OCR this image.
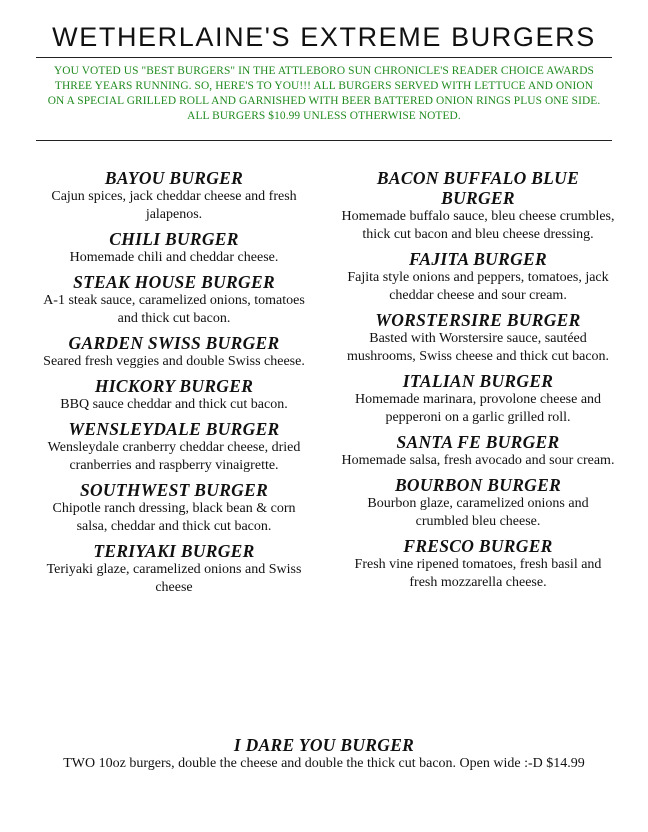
WETHERLAINE'S EXTREME BURGERS
YOU VOTED US "BEST BURGERS" IN THE ATTLEBORO SUN CHRONICLE'S READER CHOICE AWARDS THREE YEARS RUNNING. SO, HERE'S TO YOU!!! ALL BURGERS SERVED WITH LETTUCE AND ONION ON A SPECIAL GRILLED ROLL AND GARNISHED WITH BEER BATTERED ONION RINGS PLUS ONE SIDE. ALL BURGERS $10.99 UNLESS OTHERWISE NOTED.
BAYOU BURGER
Cajun spices, jack cheddar cheese and fresh jalapenos.
CHILI BURGER
Homemade chili and cheddar cheese.
STEAK HOUSE BURGER
A-1 steak sauce, caramelized onions, tomatoes and thick cut bacon.
GARDEN SWISS BURGER
Seared fresh veggies and double Swiss cheese.
HICKORY BURGER
BBQ sauce cheddar and thick cut bacon.
WENSLEYDALE BURGER
Wensleydale cranberry cheddar cheese, dried cranberries and raspberry vinaigrette.
SOUTHWEST BURGER
Chipotle ranch dressing, black bean & corn salsa, cheddar and thick cut bacon.
TERIYAKI BURGER
Teriyaki glaze, caramelized onions and Swiss cheese
BACON BUFFALO BLUE BURGER
Homemade buffalo sauce, bleu cheese crumbles, thick cut bacon and bleu cheese dressing.
FAJITA BURGER
Fajita style onions and peppers, tomatoes, jack cheddar cheese and sour cream.
WORSTERSIRE BURGER
Basted with Worstersire sauce, sautéed mushrooms, Swiss cheese and thick cut bacon.
ITALIAN BURGER
Homemade marinara, provolone cheese and pepperoni on a garlic grilled roll.
SANTA FE BURGER
Homemade salsa, fresh avocado and sour cream.
BOURBON BURGER
Bourbon glaze, caramelized onions and crumbled bleu cheese.
FRESCO BURGER
Fresh vine ripened tomatoes, fresh basil and fresh mozzarella cheese.
I DARE YOU BURGER
TWO 10oz burgers, double the cheese and double the thick cut bacon. Open wide :-D $14.99
